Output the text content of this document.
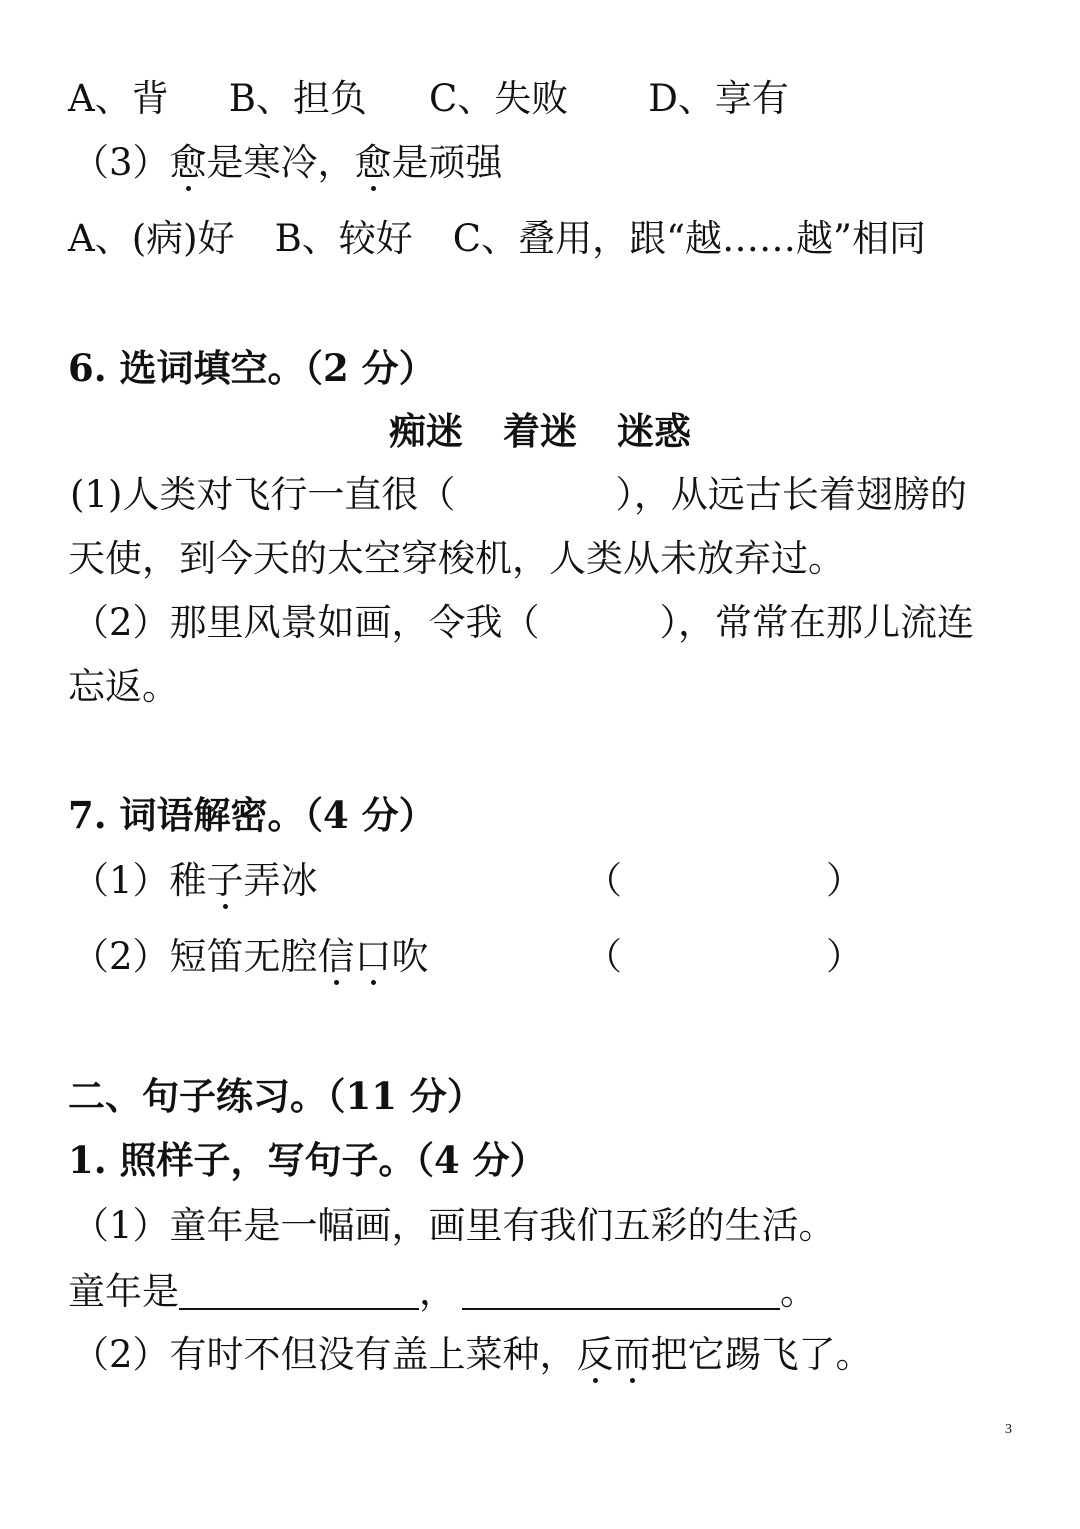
A、背 B、担负 C、失败 D、享有
（3）愈是寒冷，愈是顽强
A、(病)好 B、较好 C、叠用，跟“越……越”相同
6. 选词填空。（2 分）
痴迷 着迷 迷惑
(1)人类对飞行一直很（	），从远古长着翅膀的
天使，到今天的太空穿梭机，人类从未放弃过。
（2）那里风景如画，令我（	），常常在那儿流连
忘返。
7. 词语解密。（4 分）
（1）稚子弄冰	（	）
（2）短笛无腔信口吹	（	）
二、句子练习。（11 分）
1. 照样子，写句子。（4 分）
（1）童年是一幅画，画里有我们五彩的生活。
童年是	，	。
（2）有时不但没有盖上菜种，反而把它踢飞了。
3
